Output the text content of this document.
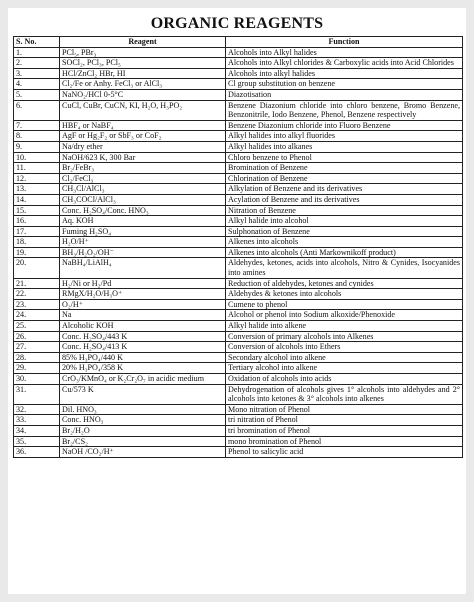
ORGANIC REAGENTS
S. No.	Reagent	Function
1.	PCl₅, PBr₃	Alcohols into Alkyl halides
2.	SOCl₂, PCl₃, PCl₅	Alcohols into Alkyl chlorides & Carboxylic acids into Acid Chlorides
3.	HCl/ZnCl₂ HBr, HI	Alcohols into alkyl halides
4.	Cl₂/Fe or Anhy. FeCl₃ or AlCl₃	Cl group substitution on benzene
5.	NaNO₂/HCl 0-5°C	Diazotisation
6.	CuCl, CuBr, CuCN, KI, H₂O, H₃PO₂	Benzene Diazonium chloride into chloro benzene, Bromo Benzene, Benzonitrile, Iodo Benzene, Phenol, Benzene respectively
7.	HBF₄ or NaBF₄	Benzene Diazonium chloride into Fluoro Benzene
8.	AgF or Hg₂F₂ or SbF₃ or CoF₂	Alkyl halides into alkyl fluorides
9.	Na/dry ether	Alkyl halides into alkanes
10.	NaOH/623 K, 300 Bar	Chloro benzene to Phenol
11.	Br₂/FeBr₃	Bromination of Benzene
12.	Cl₂/FeCl₃	Chlorination of Benzene
13.	CH₃Cl/AlCl₃	Alkylation of Benzene and its derivatives
14.	CH₃COCl/AlCl₃	Acylation of Benzene and its derivatives
15.	Conc. H₂SO₄/Conc. HNO₃	Nitration of Benzene
16.	Aq. KOH	Alkyl halide into alcohol
17.	Fuming H₂SO₄	Sulphonation of Benzene
18.	H₂O/H⁺	Alkenes into alcohols
19.	BH₃/H₂O₂/OH⁻	Alkenes into alcohols (Anti Markownikoff product)
20.	NaBH₄/LiAlH₄	Aldehydes, ketones, acids into alcohols, Nitro & Cynides, Isocyanides into amines
21.	H₂/Ni or H₂/Pd	Reduction of aldehydes, ketones and cynides
22.	RMgX/H₂O/H₃O⁺	Aldehydes & ketones into alcohols
23.	O₂/H⁺	Cumene to phenol
24.	Na	Alcohol or phenol into Sodium alkoxide/Phenoxide
25.	Alcoholic KOH	Alkyl halide into alkene
26.	Conc. H₂SO₄/443 K	Conversion of primary alcohols into Alkenes
27.	Conc. H₂SO₄/413 K	Conversion of alcohols into Ethers
28.	85% H₃PO₄/440 K	Secondary alcohol into alkene
29.	20% H₃PO₄/358 K	Tertiary alcohol into alkene
30.	CrO₃/KMnO₄ or K₂Cr₂O₇ in acidic medium	Oxidation of alcohols into acids
31.	Cu/573 K	Dehydrogenation of alcohols gives 1° alcohols into aldehydes and 2° alcohols into ketones & 3° alcohols into alkenes
32.	Dil. HNO₃	Mono nitration of Phenol
33.	Conc. HNO₃	tri nitration of Phenol
34.	Br₂/H₂O	tri bromination of Phenol
35.	Br₂/CS₂	mono bromination of Phenol
36.	NaOH /CO₂/H⁺	Phenol to salicylic acid
